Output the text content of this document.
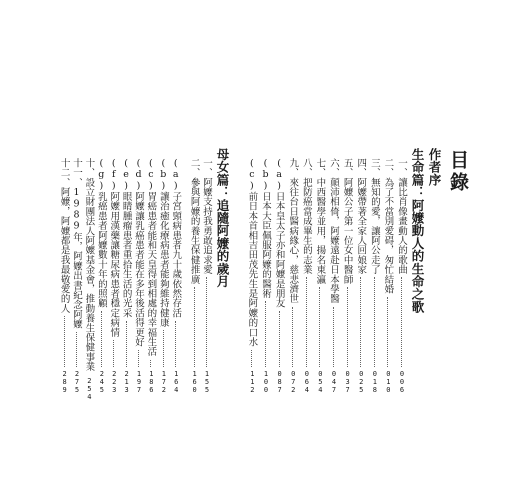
目錄
作者序
生命篇：阿嬤動人的生命之歌
一、讓比肖像畫動人的歌曲
006
二、為了不當別愛碍，匆忙結婚
010
三、無知的愛，讓阿公走了
018
四、阿嬤帶著全家人回娘家
025
五、阿嬤公子第一位女中醫師
037
六、顛沛相倚，阿嬤遠赴日本學醫
047
七、中西醫學並用，揚名東瀛
054
八、把防癌當成畢生的志業
064
九、來往台日醫病緣心，慈悲濟世
072
(a)日本皇太子亦和阿嬤是朋友
087
(b)日本大臣佩服阿嬤的醫術
100
(c)前日本首相吉田茂先生是阿嬤的口水
112
母女篇：追隨阿嬤的歲月
一、阿嬤支持我勇敢追求愛
155
二、參與阿嬤的養生保健推廣
160
(a)子宮頸病患者九十歲依然存活
164
(b)讓治癒化療病患者能夠維持健康
172
(c)胃癌患者能和天皇得到相處的幸福生活
186
(d)阿嬤讓乳癌患者能在多年後活得更好
197
(e)眼睛腫瘤患者重拾生活的光采
213
(f)阿嬤用漢藥讓糖尿病患者穩定病情
223
(g)乳癌患者阿嬤數十年的照顧
245
十、設立財團法人阿嬤基金會，推動養生保健事業
254
十一、1989年，阿嬤出書紀念阿嬤
275
十二、阿嬤，阿嬤都是我最敬愛的人
289
